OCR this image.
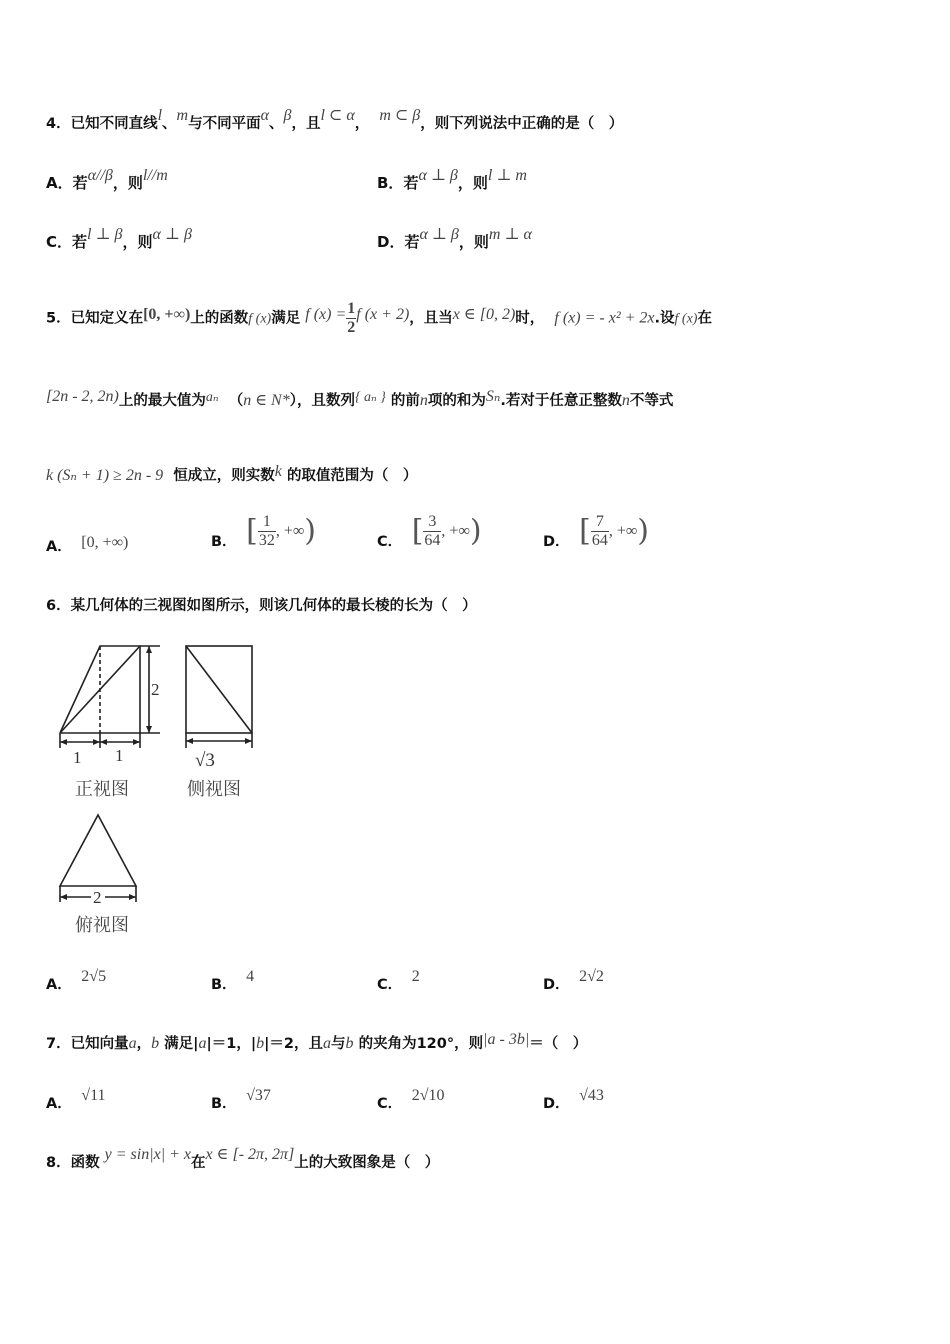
4．已知不同直线l、m与不同平面α、β，且l ⊂ α， m ⊂ β，则下列说法中正确的是（　）
A．若α//β，则l//m	B．若α ⊥ β，则l ⊥ m
C．若l ⊥ β，则α ⊥ β	D．若α ⊥ β，则m ⊥ α
5．已知定义在[0, +∞)上的函数f (x)满足 f $(x) = \frac{1}{2}$ f (x + 2)，且当x ∈ [0, 2)时， f (x) = - x² + 2x.设f (x)在
[2n - 2, 2n)上的最大值为aₙ （n ∈ N*），且数列{ aₙ } 的前n项的和为Sₙ.若对于任意正整数n不等式
k (Sₙ + 1) ≥ 2n - 9 恒成立，则实数k 的取值范围为（　）
A． [0, +∞)	B． [ $\frac{1}{32}$ , +∞)	C． [ $\frac{3}{64}$ , +∞)	D． [ $\frac{7}{64}$ , +∞)
6．某几何体的三视图如图所示，则该几何体的最长棱的长为（　）
1 1
2
正视图
√3
侧视图
2
俯视图
A． 2√5	B． 4	C． 2	D． 2√2
7．已知向量a，b 满足|a|＝1，|b|＝2，且a与b 的夹角为120°，则|a - 3b|＝（　）
A． √11	B． √37	C． 2√10	D． √43
8．函数 y = sin|x| + x在x ∈ [- 2π, 2π]上的大致图象是（　）
